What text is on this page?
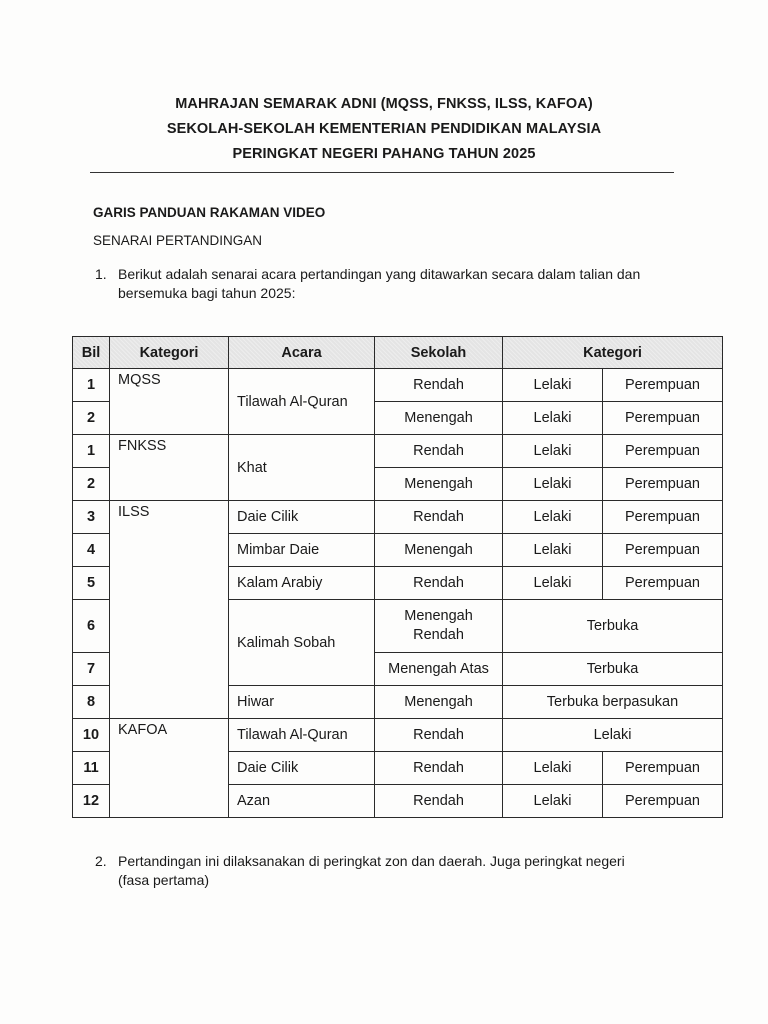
MAHRAJAN SEMARAK ADNI (MQSS, FNKSS, ILSS, KAFOA)
SEKOLAH-SEKOLAH KEMENTERIAN PENDIDIKAN MALAYSIA
PERINGKAT NEGERI PAHANG TAHUN 2025
GARIS PANDUAN RAKAMAN VIDEO
SENARAI PERTANDINGAN
1. Berikut adalah senarai acara pertandingan yang ditawarkan secara dalam talian dan
bersemuka bagi tahun 2025:
Bil	Kategori	Acara	Sekolah	Kategori	
1	MQSS	Tilawah Al-Quran	Rendah	Lelaki	Perempuan
2			Menengah	Lelaki	Perempuan
1	FNKSS	Khat	Rendah	Lelaki	Perempuan
2			Menengah	Lelaki	Perempuan
3	ILSS	Daie Cilik	Rendah	Lelaki	Perempuan
4		Mimbar Daie	Menengah	Lelaki	Perempuan
5		Kalam Arabiy	Rendah	Lelaki	Perempuan
6		Kalimah Sobah	Menengah
Rendah	Terbuka	
7			Menengah Atas	Terbuka	
8		Hiwar	Menengah	Terbuka berpasukan	
10	KAFOA	Tilawah Al-Quran	Rendah	Lelaki	
11		Daie Cilik	Rendah	Lelaki	Perempuan
12		Azan	Rendah	Lelaki	Perempuan
2. Pertandingan ini dilaksanakan di peringkat zon dan daerah. Juga peringkat negeri
(fasa pertama)
